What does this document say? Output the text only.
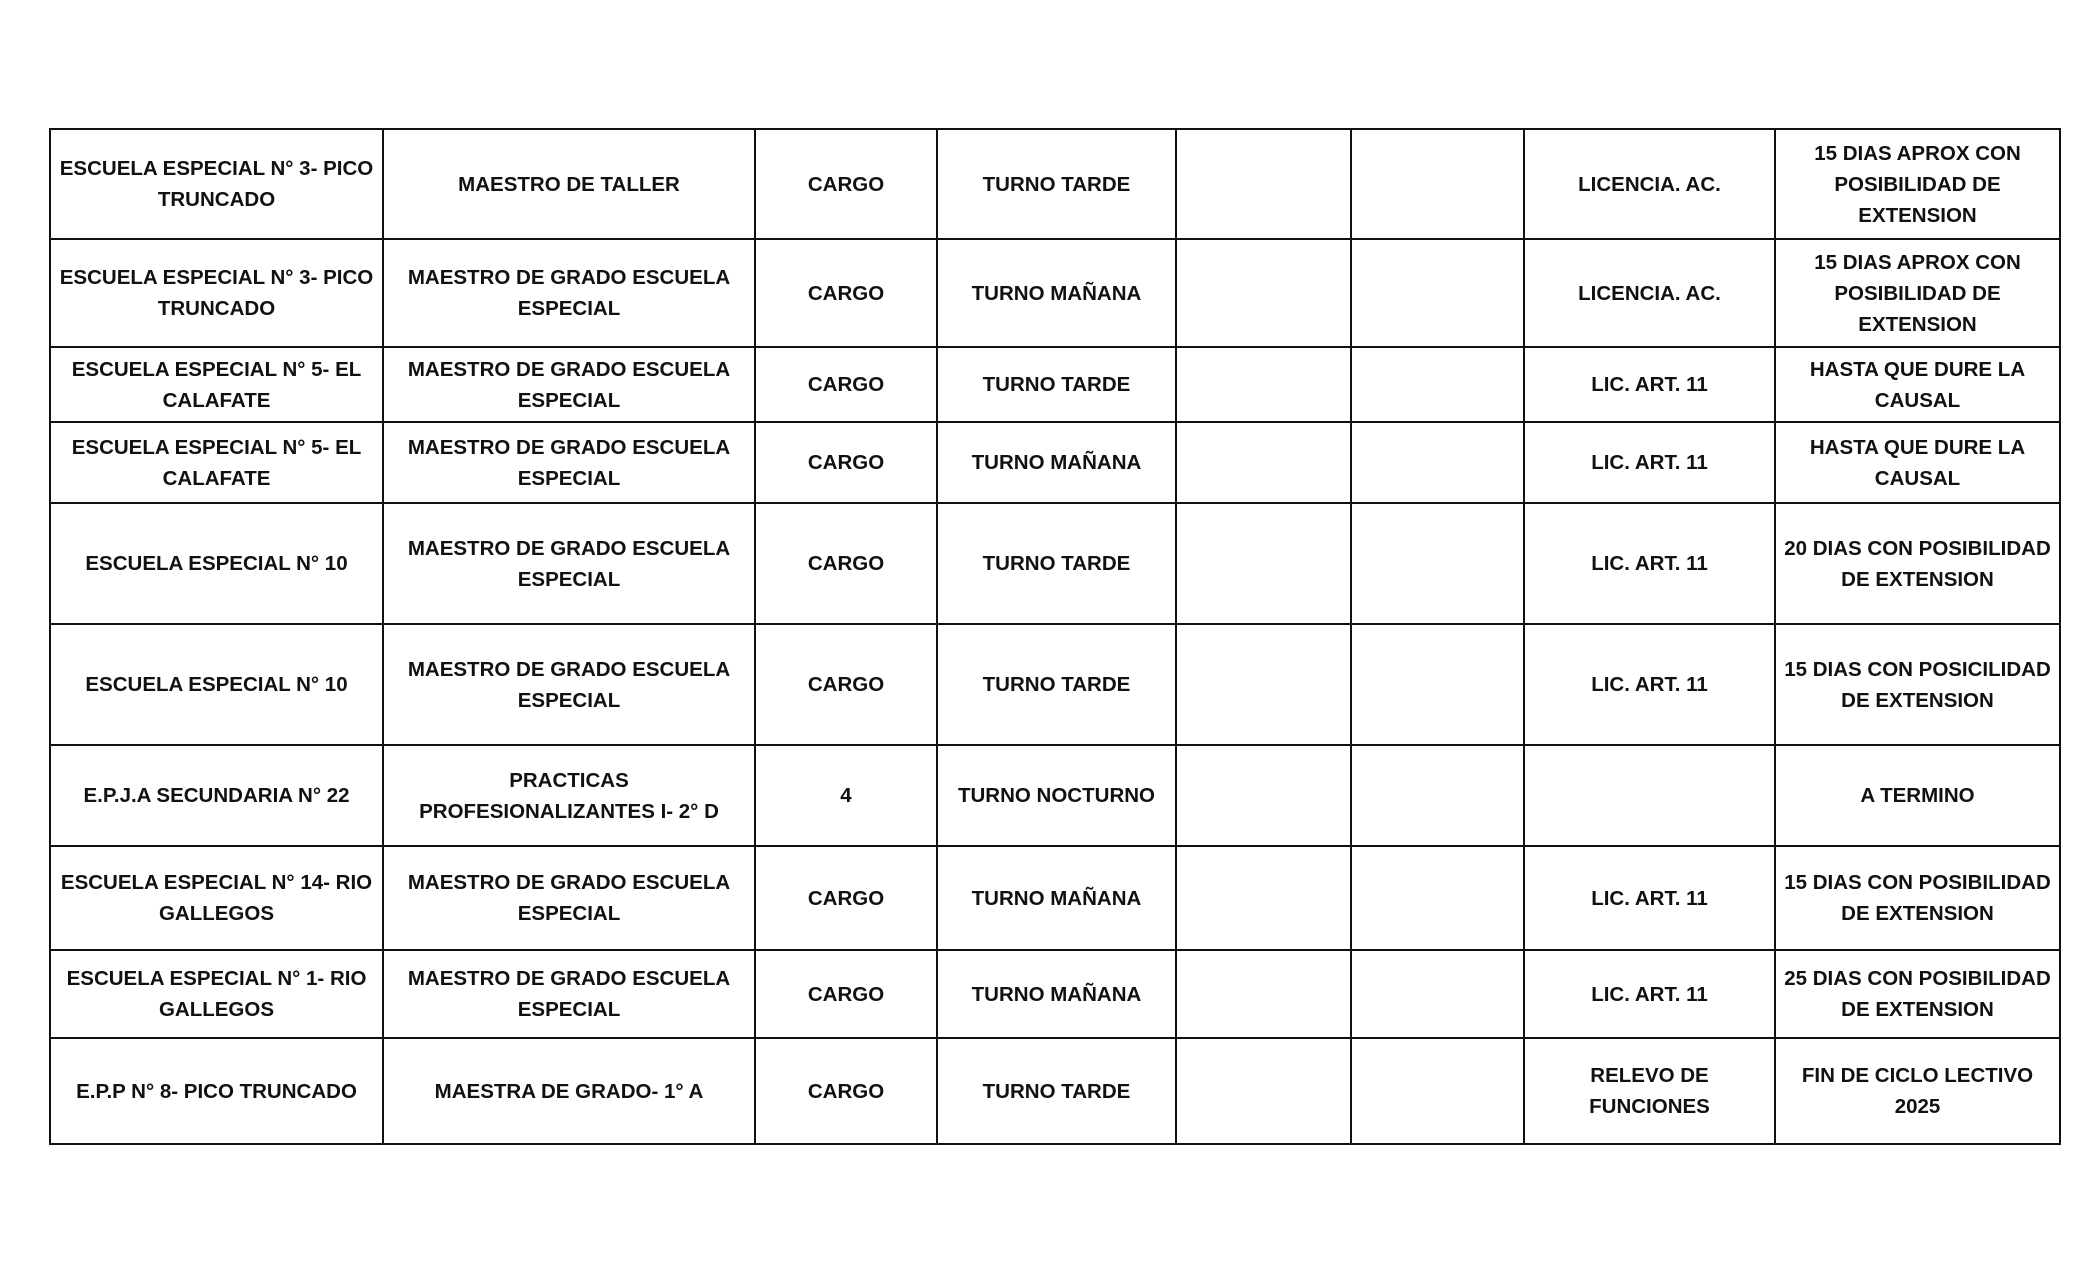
ESCUELA ESPECIAL N° 3- PICO TRUNCADO	MAESTRO DE TALLER	CARGO	TURNO TARDE			LICENCIA. AC.	15 DIAS APROX CON POSIBILIDAD DE EXTENSION
ESCUELA ESPECIAL N° 3- PICO TRUNCADO	MAESTRO DE GRADO ESCUELA ESPECIAL	CARGO	TURNO MAÑANA			LICENCIA. AC.	15 DIAS APROX CON POSIBILIDAD DE EXTENSION
ESCUELA ESPECIAL N° 5- EL CALAFATE	MAESTRO DE GRADO ESCUELA ESPECIAL	CARGO	TURNO TARDE			LIC. ART. 11	HASTA QUE DURE LA CAUSAL
ESCUELA ESPECIAL N° 5- EL CALAFATE	MAESTRO DE GRADO ESCUELA ESPECIAL	CARGO	TURNO MAÑANA			LIC. ART. 11	HASTA QUE DURE LA CAUSAL
ESCUELA ESPECIAL N° 10	MAESTRO DE GRADO ESCUELA ESPECIAL	CARGO	TURNO TARDE			LIC. ART. 11	20 DIAS CON POSIBILIDAD DE EXTENSION
ESCUELA ESPECIAL N° 10	MAESTRO DE GRADO ESCUELA ESPECIAL	CARGO	TURNO TARDE			LIC. ART. 11	15 DIAS CON POSICILIDAD DE EXTENSION
E.P.J.A SECUNDARIA N° 22	PRACTICAS PROFESIONALIZANTES I- 2° D	4	TURNO NOCTURNO				A TERMINO
ESCUELA ESPECIAL N° 14- RIO GALLEGOS	MAESTRO DE GRADO ESCUELA ESPECIAL	CARGO	TURNO MAÑANA			LIC. ART. 11	15 DIAS CON POSIBILIDAD DE EXTENSION
ESCUELA ESPECIAL N° 1- RIO GALLEGOS	MAESTRO DE GRADO ESCUELA ESPECIAL	CARGO	TURNO MAÑANA			LIC. ART. 11	25 DIAS CON POSIBILIDAD DE EXTENSION
E.P.P N° 8- PICO TRUNCADO	MAESTRA DE GRADO- 1° A	CARGO	TURNO TARDE			RELEVO DE FUNCIONES	FIN DE CICLO LECTIVO 2025
